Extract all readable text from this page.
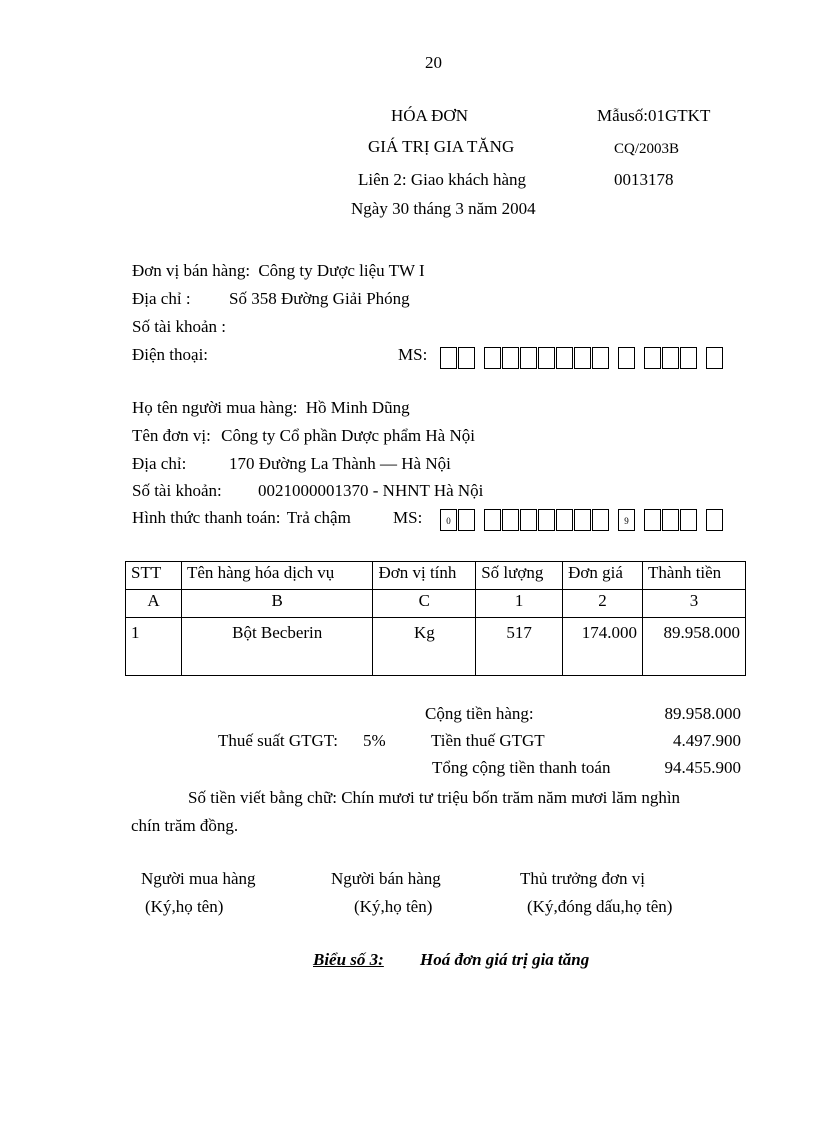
20
HÓA ĐƠN
GIÁ TRỊ GIA TĂNG
Liên 2: Giao khách hàng
Ngày 30 tháng 3 năm 2004
Mẫusố:01GTKT
CQ/2003B
0013178
Đơn vị bán hàng: Công ty Dược liệu TW I
Địa chỉ : Số 358 Đường Giải Phóng
Số tài khoản :
Điện thoại:	MS:
Họ tên người mua hàng: Hồ Minh Dũng
Tên đơn vị: Công ty Cổ phần Dược phẩm Hà Nội
Địa chỉ:	170 Đường La Thành — Hà Nội
Số tài khoản: 0021000001370 - NHNT Hà Nội
Hình thức thanh toán: Trả chậm MS:	0	9
STT	Tên hàng hóa dịch vụ	Đơn vị tính	Số lượng	Đơn giá	Thành tiền
A	B	C	1	2	3
1	Bột Becberin	Kg	517	174.000	89.958.000
Cộng tiền hàng:	89.958.000
Thuế suất GTGT: 5%	Tiền thuế GTGT	4.497.900
Tổng cộng tiền thanh toán	94.455.900
Số tiền viết bằng chữ: Chín mươi tư triệu bốn trăm năm mươi lăm nghìn
chín trăm đồng.
Người mua hàng
(Ký,họ tên)
Người bán hàng
(Ký,họ tên)
Thủ trưởng đơn vị
(Ký,đóng dấu,họ tên)
Biểu số 3: Hoá đơn giá trị gia tăng
